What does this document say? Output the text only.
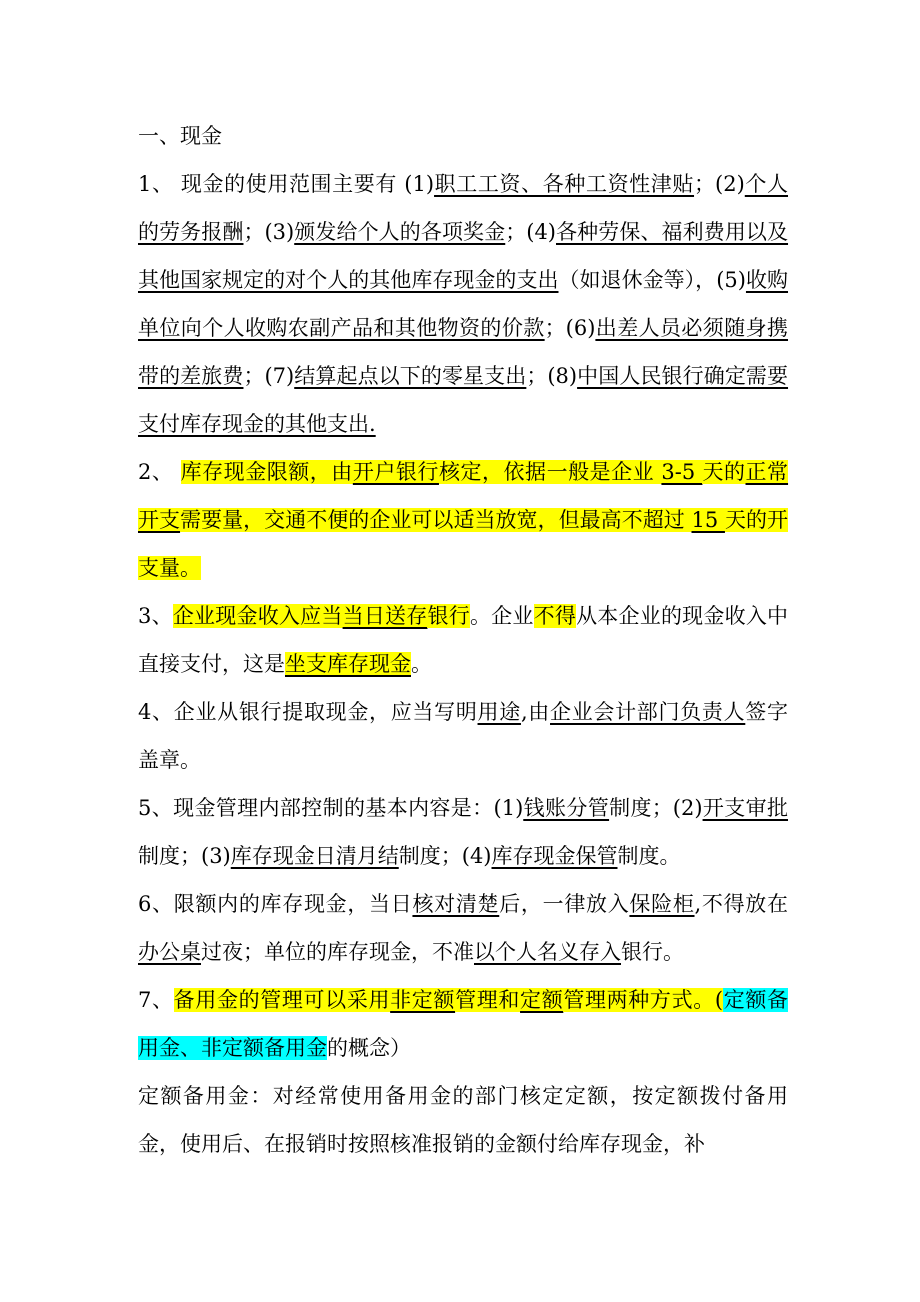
一、现金

1、 现金的使用范围主要有 (1)职工工资、各种工资性津贴；(2)个人的劳务报酬；(3)颁发给个人的各项奖金；(4)各种劳保、福利费用以及其他国家规定的对个人的其他库存现金的支出（如退休金等），(5)收购单位向个人收购农副产品和其他物资的价款；(6)出差人员必须随身携带的差旅费；(7)结算起点以下的零星支出；(8)中国人民银行确定需要支付库存现金的其他支出.

2、 库存现金限额，由开户银行核定，依据一般是企业 3-5 天的正常开支需要量，交通不便的企业可以适当放宽，但最高不超过 15 天的开支量。

3、企业现金收入应当当日送存银行。企业不得从本企业的现金收入中直接支付，这是坐支库存现金。

4、企业从银行提取现金，应当写明用途,由企业会计部门负责人签字盖章。

5、现金管理内部控制的基本内容是：(1)钱账分管制度；(2)开支审批制度；(3)库存现金日清月结制度；(4)库存现金保管制度。

6、限额内的库存现金，当日核对清楚后，一律放入保险柜,不得放在办公桌过夜；单位的库存现金，不准以个人名义存入银行。

7、备用金的管理可以采用非定额管理和定额管理两种方式。(定额备用金、非定额备用金的概念）

定额备用金：对经常使用备用金的部门核定定额，按定额拨付备用金，使用后、在报销时按照核准报销的金额付给库存现金，补
